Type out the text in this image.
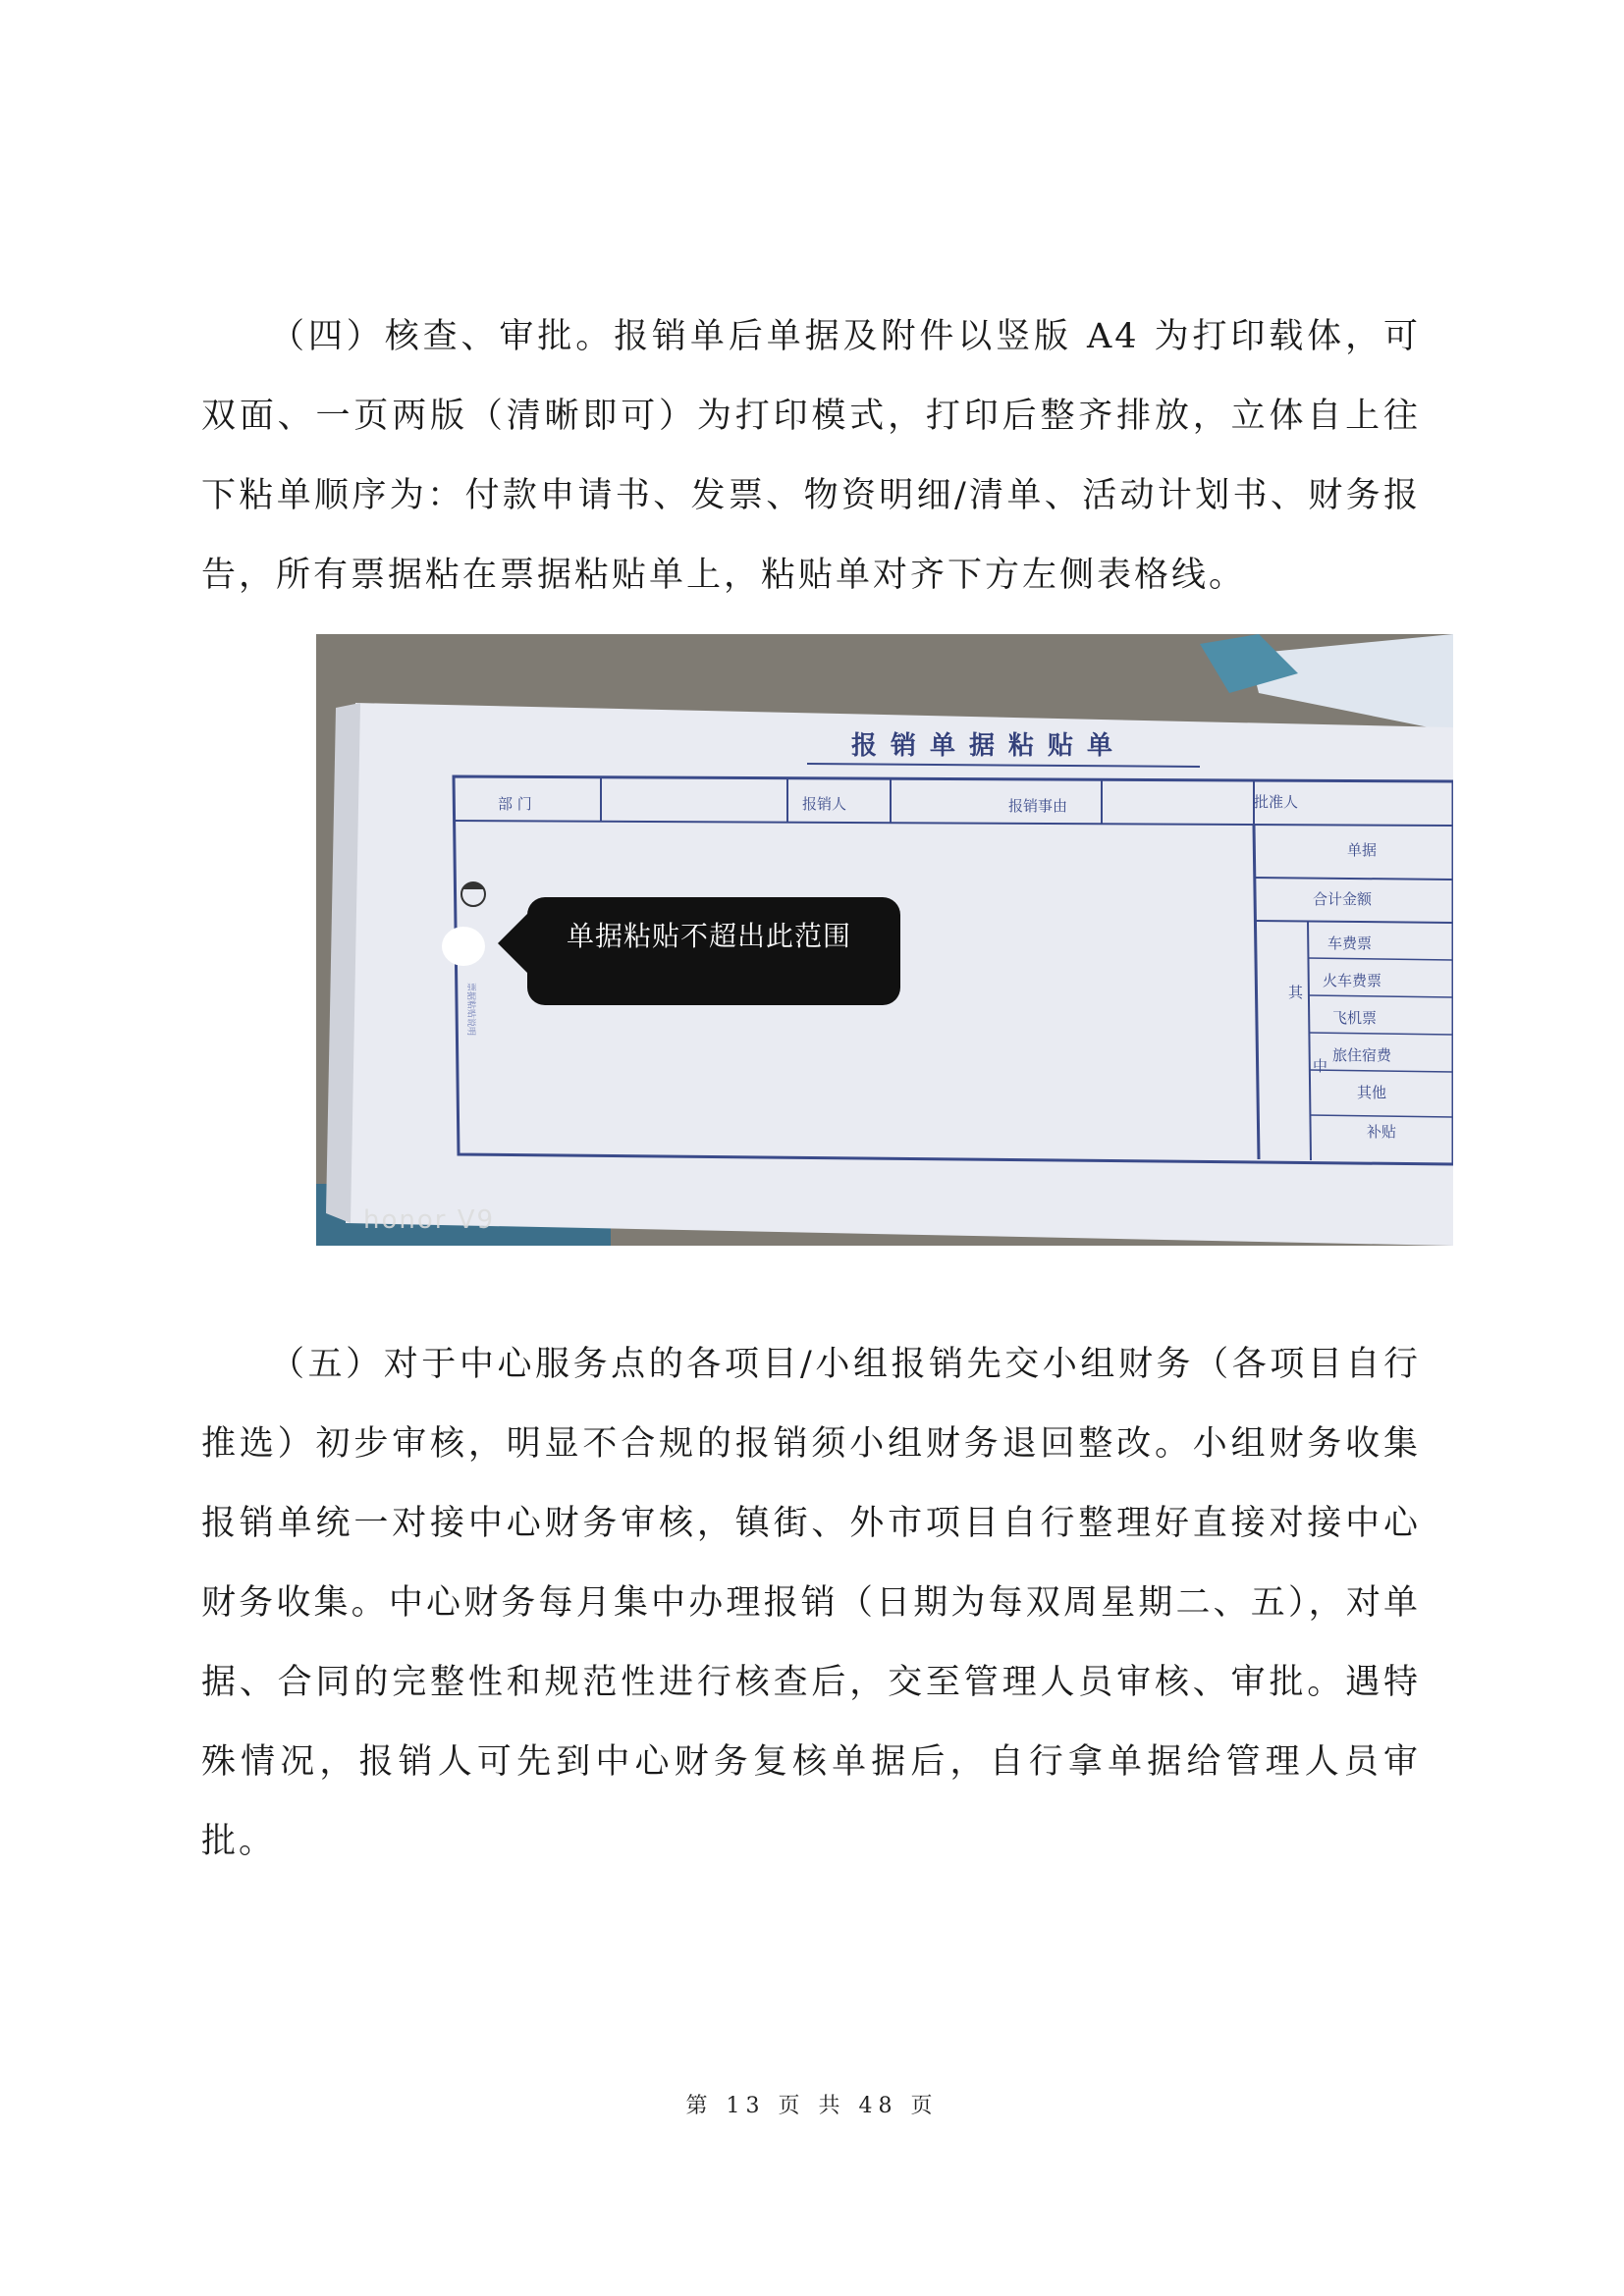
（四）核查、审批。报销单后单据及附件以竖版 A4 为打印载体，可双面、一页两版（清晰即可）为打印模式，打印后整齐排放，立体自上往下粘单顺序为：付款申请书、发票、物资明细/清单、活动计划书、财务报告，所有票据粘在票据粘贴单上，粘贴单对齐下方左侧表格线。

票据粘贴说明
报销单据粘贴单
部 门	报销人	报销事由	批准人
单据
合计金额
其
中
车费票
火车费票
飞机票
旅住宿费
其他
补贴
单据粘贴不超出此范围
honor V9

（五）对于中心服务点的各项目/小组报销先交小组财务（各项目自行推选）初步审核，明显不合规的报销须小组财务退回整改。小组财务收集报销单统一对接中心财务审核，镇街、外市项目自行整理好直接对接中心财务收集。中心财务每月集中办理报销（日期为每双周星期二、五），对单据、合同的完整性和规范性进行核查后，交至管理人员审核、审批。遇特殊情况，报销人可先到中心财务复核单据后，自行拿单据给管理人员审批。

第 13 页 共 48 页
